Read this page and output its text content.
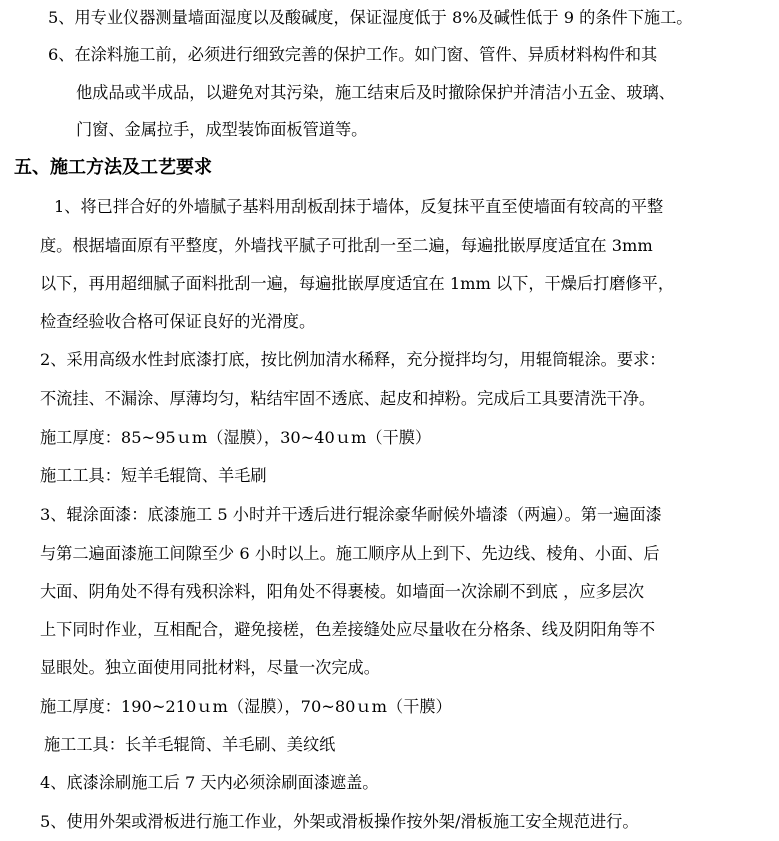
5、用专业仪器测量墙面湿度以及酸碱度，保证湿度低于 8%及碱性低于 9 的条件下施工。
6、在涂料施工前，必须进行细致完善的保护工作。如门窗、管件、异质材料构件和其
他成品或半成品，以避免对其污染，施工结束后及时撤除保护并清洁小五金、玻璃、
门窗、金属拉手，成型装饰面板管道等。
五、施工方法及工艺要求
1、将已拌合好的外墙腻子基料用刮板刮抹于墙体，反复抹平直至使墙面有较高的平整
度。根据墙面原有平整度，外墙找平腻子可批刮一至二遍，每遍批嵌厚度适宜在 3mm
以下，再用超细腻子面料批刮一遍，每遍批嵌厚度适宜在 1mm 以下，干燥后打磨修平，
检查经验收合格可保证良好的光滑度。
2、采用高级水性封底漆打底，按比例加清水稀释，充分搅拌均匀，用辊筒辊涂。要求：
不流挂、不漏涂、厚薄均匀，粘结牢固不透底、起皮和掉粉。完成后工具要清洗干净。
施工厚度：85~95ｕm（湿膜），30~40ｕm（干膜）
施工工具：短羊毛辊筒、羊毛刷
3、辊涂面漆：底漆施工 5 小时并干透后进行辊涂豪华耐候外墙漆（两遍）。第一遍面漆
与第二遍面漆施工间隙至少 6 小时以上。施工顺序从上到下、先边线、棱角、小面、后
大面、阴角处不得有残积涂料，阳角处不得裹棱。如墙面一次涂刷不到底 ，应多层次
上下同时作业，互相配合，避免接槎，色差接缝处应尽量收在分格条、线及阴阳角等不
显眼处。独立面使用同批材料，尽量一次完成。
施工厚度：190~210ｕm（湿膜），70~80ｕm（干膜）
施工工具：长羊毛辊筒、羊毛刷、美纹纸
4、底漆涂刷施工后 7 天内必须涂刷面漆遮盖。
5、使用外架或滑板进行施工作业，外架或滑板操作按外架/滑板施工安全规范进行。
